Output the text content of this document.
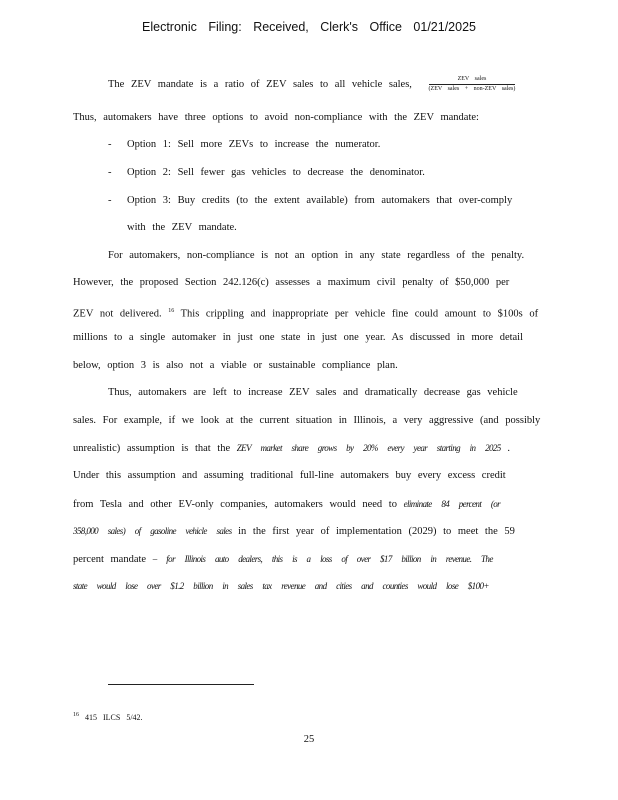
Electronic Filing: Received, Clerk's Office 01/21/2025
The ZEV mandate is a ratio of ZEV sales to all vehicle sales,	$\frac{\text{ZEV sales}}{\text{(ZEV sales + non-ZEV sales)}}$
Thus, automakers have three options to avoid non-compliance with the ZEV mandate:
- Option 1: Sell more ZEVs to increase the numerator.
- Option 2: Sell fewer gas vehicles to decrease the denominator.
- Option 3: Buy credits (to the extent available) from automakers that over-comply
with the ZEV mandate.
For automakers, non-compliance is not an option in any state regardless of the penalty.
However, the proposed Section 242.126(c) assesses a maximum civil penalty of $50,000 per
ZEV not delivered. $^{16}$ This crippling and inappropriate per vehicle fine could amount to $100s of
millions to a single automaker in just one state in just one year. As discussed in more detail
below, option 3 is also not a viable or sustainable compliance plan.
Thus, automakers are left to increase ZEV sales and dramatically decrease gas vehicle
sales. For example, if we look at the current situation in Illinois, a very aggressive (and possibly
unrealistic) assumption is that the ZEV market share grows by 20% every year starting in 2025 .
Under this assumption and assuming traditional full-line automakers buy every excess credit
from Tesla and other EV-only companies, automakers would need to eliminate 84 percent (or
358,000 sales) of gasoline vehicle sales in the first year of implementation (2029) to meet the 59
percent mandate – for Illinois auto dealers, this is a loss of over $17 billion in revenue. The
state would lose over $1.2 billion in sales tax revenue and cities and counties would lose $100+
$^{16}$ 415 ILCS 5/42.
25
